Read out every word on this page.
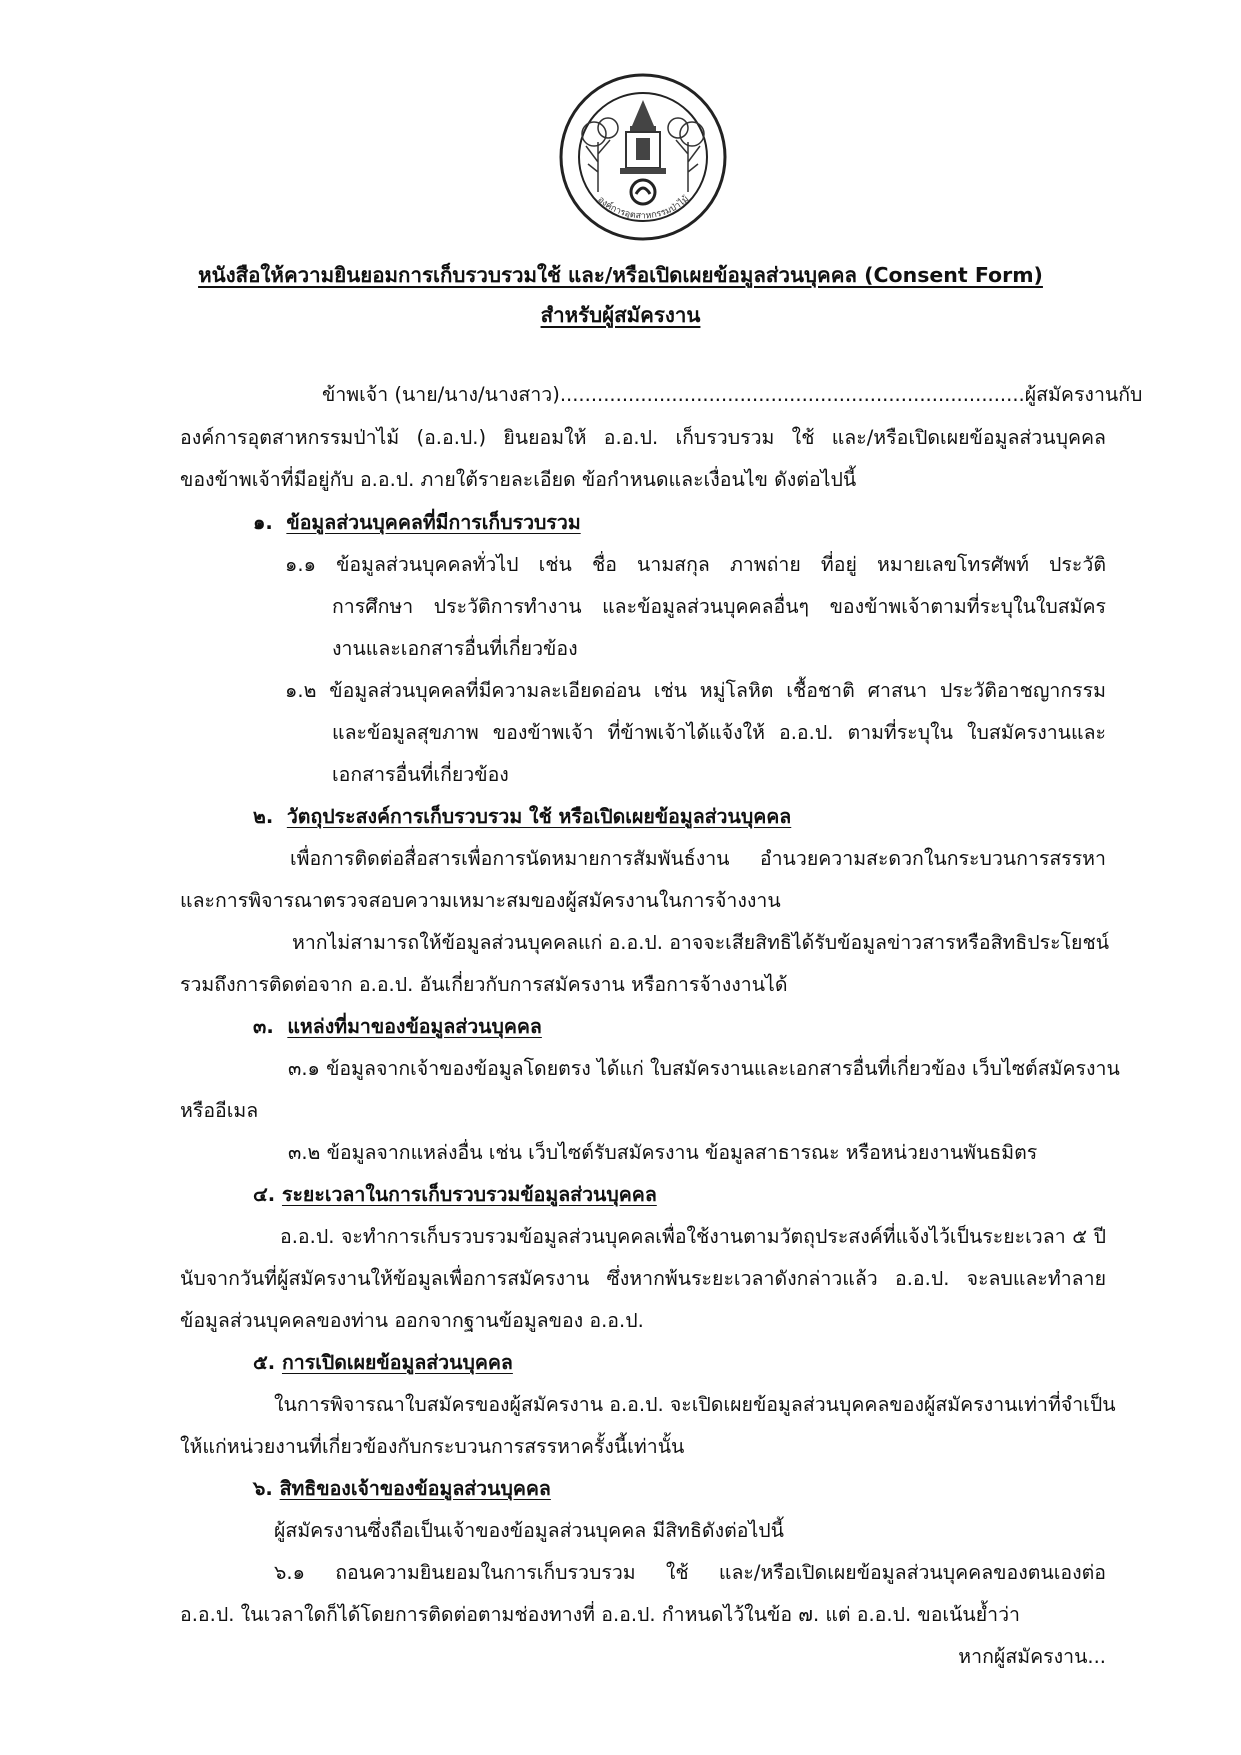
องค์การอุตสาหกรรมป่าไม้

หนังสือให้ความยินยอมการเก็บรวบรวมใช้ และ/หรือเปิดเผยข้อมูลส่วนบุคคล (Consent Form)

สำหรับผู้สมัครงาน

ข้าพเจ้า (นาย/นาง/นางสาว)...........................................................................ผู้สมัครงานกับ

องค์การอุตสาหกรรมป่าไม้ (อ.อ.ป.) ยินยอมให้ อ.อ.ป. เก็บรวบรวม ใช้ และ/หรือเปิดเผยข้อมูลส่วนบุคคล

ของข้าพเจ้าที่มีอยู่กับ อ.อ.ป. ภายใต้รายละเอียด ข้อกำหนดและเงื่อนไข ดังต่อไปนี้

๑. ข้อมูลส่วนบุคคลที่มีการเก็บรวบรวม

๑.๑ ข้อมูลส่วนบุคคลทั่วไป เช่น ชื่อ นามสกุล ภาพถ่าย ที่อยู่ หมายเลขโทรศัพท์ ประวัติ

การศึกษา ประวัติการทำงาน และข้อมูลส่วนบุคคลอื่นๆ ของข้าพเจ้าตามที่ระบุในใบสมัคร

งานและเอกสารอื่นที่เกี่ยวข้อง

๑.๒ ข้อมูลส่วนบุคคลที่มีความละเอียดอ่อน เช่น หมู่โลหิต เชื้อชาติ ศาสนา ประวัติอาชญากรรม

และข้อมูลสุขภาพ ของข้าพเจ้า ที่ข้าพเจ้าได้แจ้งให้ อ.อ.ป. ตามที่ระบุใน ใบสมัครงานและ

เอกสารอื่นที่เกี่ยวข้อง

๒. วัตถุประสงค์การเก็บรวบรวม ใช้ หรือเปิดเผยข้อมูลส่วนบุคคล

เพื่อการติดต่อสื่อสารเพื่อการนัดหมายการสัมพันธ์งาน อำนวยความสะดวกในกระบวนการสรรหา

และการพิจารณาตรวจสอบความเหมาะสมของผู้สมัครงานในการจ้างงาน

หากไม่สามารถให้ข้อมูลส่วนบุคคลแก่ อ.อ.ป. อาจจะเสียสิทธิได้รับข้อมูลข่าวสารหรือสิทธิประโยชน์

รวมถึงการติดต่อจาก อ.อ.ป. อันเกี่ยวกับการสมัครงาน หรือการจ้างงานได้

๓. แหล่งที่มาของข้อมูลส่วนบุคคล

๓.๑ ข้อมูลจากเจ้าของข้อมูลโดยตรง ได้แก่ ใบสมัครงานและเอกสารอื่นที่เกี่ยวข้อง เว็บไซต์สมัครงาน

หรืออีเมล

๓.๒ ข้อมูลจากแหล่งอื่น เช่น เว็บไซต์รับสมัครงาน ข้อมูลสาธารณะ หรือหน่วยงานพันธมิตร

๔. ระยะเวลาในการเก็บรวบรวมข้อมูลส่วนบุคคล

อ.อ.ป. จะทำการเก็บรวบรวมข้อมูลส่วนบุคคลเพื่อใช้งานตามวัตถุประสงค์ที่แจ้งไว้เป็นระยะเวลา ๕ ปี

นับจากวันที่ผู้สมัครงานให้ข้อมูลเพื่อการสมัครงาน ซึ่งหากพ้นระยะเวลาดังกล่าวแล้ว อ.อ.ป. จะลบและทำลาย

ข้อมูลส่วนบุคคลของท่าน ออกจากฐานข้อมูลของ อ.อ.ป.

๕. การเปิดเผยข้อมูลส่วนบุคคล

ในการพิจารณาใบสมัครของผู้สมัครงาน อ.อ.ป. จะเปิดเผยข้อมูลส่วนบุคคลของผู้สมัครงานเท่าที่จำเป็น

ให้แก่หน่วยงานที่เกี่ยวข้องกับกระบวนการสรรหาครั้งนี้เท่านั้น

๖. สิทธิของเจ้าของข้อมูลส่วนบุคคล

ผู้สมัครงานซึ่งถือเป็นเจ้าของข้อมูลส่วนบุคคล มีสิทธิดังต่อไปนี้

๖.๑ ถอนความยินยอมในการเก็บรวบรวม ใช้ และ/หรือเปิดเผยข้อมูลส่วนบุคคลของตนเองต่อ

อ.อ.ป. ในเวลาใดก็ได้โดยการติดต่อตามช่องทางที่ อ.อ.ป. กำหนดไว้ในข้อ ๗. แต่ อ.อ.ป. ขอเน้นย้ำว่า

หากผู้สมัครงาน...
